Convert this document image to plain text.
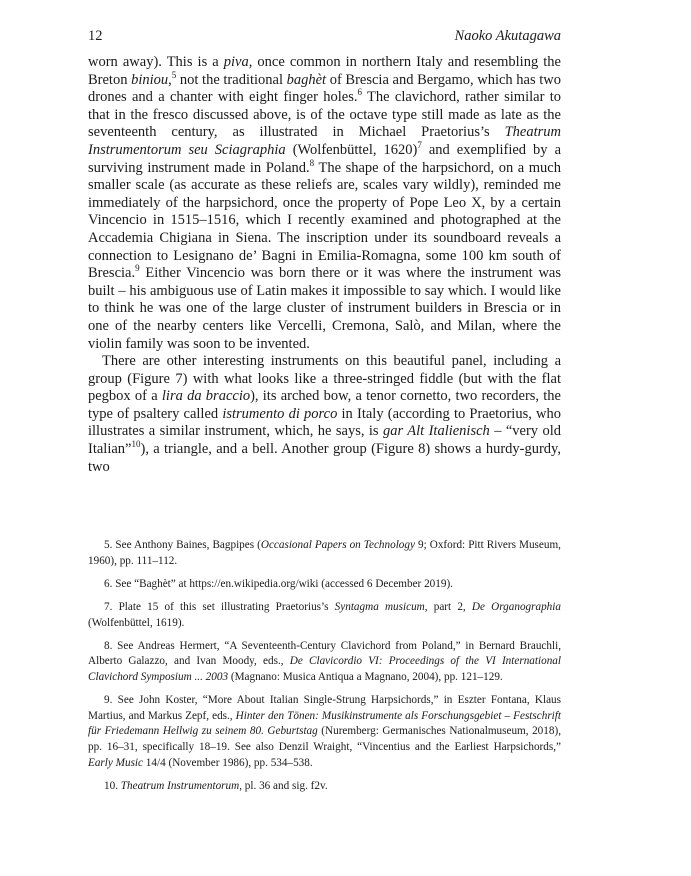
12	Naoko Akutagawa

worn away). This is a piva, once common in northern Italy and resembling the Breton biniou,$^5$ not the traditional baghèt of Brescia and Bergamo, which has two drones and a chanter with eight finger holes.$^6$ The clavichord, rather similar to that in the fresco discussed above, is of the octave type still made as late as the seventeenth century, as illustrated in Michael Praetorius’s Theatrum Instrumentorum seu Sciagraphia (Wolfenbüttel, 1620)$^7$ and exemplified by a surviving instrument made in Poland.$^8$ The shape of the harpsichord, on a much smaller scale (as accurate as these reliefs are, scales vary wildly), reminded me immediately of the harpsichord, once the property of Pope Leo X, by a certain Vincencio in 1515–1516, which I recently examined and photographed at the Accademia Chigiana in Siena. The inscription under its soundboard reveals a connection to Lesignano de’ Bagni in Emilia-Romagna, some 100 km south of Brescia.$^9$ Either Vincencio was born there or it was where the instrument was built – his ambiguous use of Latin makes it impossible to say which. I would like to think he was one of the large cluster of instrument builders in Brescia or in one of the nearby centers like Vercelli, Cremona, Salò, and Milan, where the violin family was soon to be invented.

There are other interesting instruments on this beautiful panel, including a group (Figure 7) with what looks like a three-stringed fiddle (but with the flat pegbox of a lira da braccio), its arched bow, a tenor cornetto, two recorders, the type of psaltery called istrumento di porco in Italy (according to Praetorius, who illustrates a similar instrument, which, he says, is gar Alt Italienisch – “very old Italian”$^{10}$), a triangle, and a bell. Another group (Figure 8) shows a hurdy-gurdy, two

5. See Anthony Baines, Bagpipes (Occasional Papers on Technology 9; Oxford: Pitt Rivers Museum, 1960), pp. 111–112.

6. See “Baghèt” at https://en.wikipedia.org/wiki (accessed 6 December 2019).

7. Plate 15 of this set illustrating Praetorius’s Syntagma musicum, part 2, De Organographia (Wolfenbüttel, 1619).

8. See Andreas Hermert, “A Seventeenth-Century Clavichord from Poland,” in Bernard Brauchli, Alberto Galazzo, and Ivan Moody, eds., De Clavicordio VI: Proceedings of the VI International Clavichord Symposium ... 2003 (Magnano: Musica Antiqua a Magnano, 2004), pp. 121–129.

9. See John Koster, “More About Italian Single-Strung Harpsichords,” in Eszter Fontana, Klaus Martius, and Markus Zepf, eds., Hinter den Tönen: Musikinstrumente als Forschungsgebiet – Festschrift für Friedemann Hellwig zu seinem 80. Geburtstag (Nuremberg: Germanisches Nationalmuseum, 2018), pp. 16–31, specifically 18–19. See also Denzil Wraight, “Vincentius and the Earliest Harpsichords,” Early Music 14/4 (November 1986), pp. 534–538.

10. Theatrum Instrumentorum, pl. 36 and sig. f2v.
